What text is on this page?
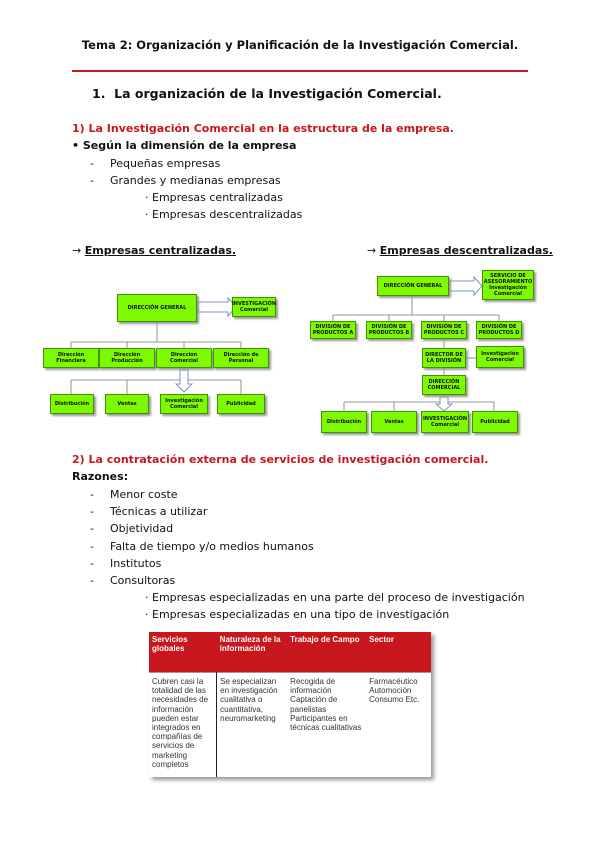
Tema 2: Organización y Planificación de la Investigación Comercial.
1. La organización de la Investigación Comercial.
1) La Investigación Comercial en la estructura de la empresa.
• Según la dimensión de la empresa
- Pequeñas empresas
- Grandes y medianas empresas
· Empresas centralizadas
· Empresas descentralizadas
→ Empresas centralizadas.	→ Empresas descentralizadas.
DIRECCIÓN GENERAL
INVESTIGACIÓN Comercial
Dirección Financiera
Dirección Producción
Dirección Comercial
Dirección de Personal
Distribución	Ventas	Investigación Comercial	Publicidad
DIRECCIÓN GENERAL
SERVICIO DE ASESORAMIENTO Investigación Comercial
DIVISIÓN DE PRODUCTOS A
DIVISIÓN DE PRODUCTOS B
DIVISIÓN DE PRODUCTOS C
DIVISIÓN DE PRODUCTOS D
DIRECTOR DE LA DIVISIÓN
Investigación Comercial
DIRECCIÓN COMERCIAL
Distribución	Ventas	INVESTIGACIÓN Comercial	Publicidad
2) La contratación externa de servicios de investigación comercial.
Razones:
- Menor coste
- Técnicas a utilizar
- Objetividad
- Falta de tiempo y/o medios humanos
- Institutos
- Consultoras
· Empresas especializadas en una parte del proceso de investigación
· Empresas especializadas en una tipo de investigación
Servicios globales	Naturaleza de la información	Trabajo de Campo	Sector
Cubren casi la totalidad de las necesidades de información pueden estar integrados en compañías de servicios de marketing completos	Se especializan en investigación cualitativa o cuantitativa, neuromarketing	Recogida de información Captación de panelistas Participantes en técnicas cualitativas	Farmacéutico Automoción Consumo Etc.
